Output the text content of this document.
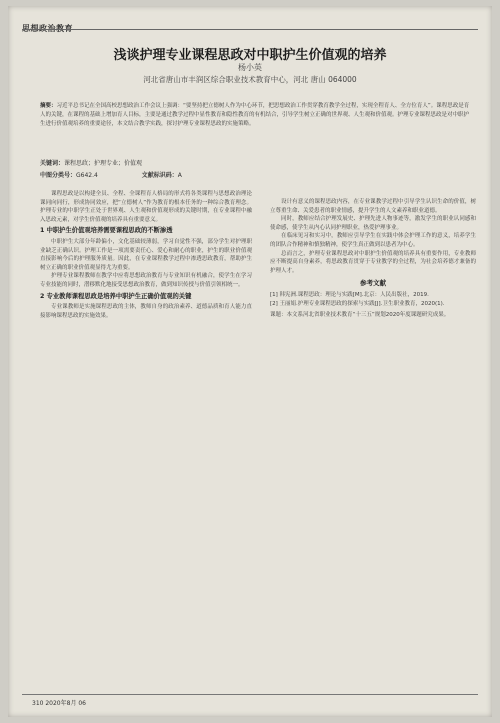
浅谈护理专业课程思政对中职护生价值观的培养
杨小英
河北省唐山市丰润区综合职业技术教育中心，河北 唐山 064000
摘要：习近平总书记在全国高校思想政治工作会议上强调：“要坚持把立德树人作为中心环节，把思想政治工作贯穿教育教学全过程，实现全程育人、全方位育人”。课程思政是育人的关键，在课程的基础上增加育人目标，主要是通过教学过程中显性教育和隐性教育的有机结合，引导学生树立正确的世界观、人生观和价值观。护理专业课程思政是对中职护生进行价值观培养的重要途径，本文结合教学实践，探讨护理专业课程思政的实施策略。
关键词：课程思政；护理专业；价值观
中图分类号：G642.4	文献标识码：A

课程思政是以构建全员、全程、全课程育人格局的形式将各类课程与思想政治理论课同向同行，形成协同效应，把“立德树人”作为教育的根本任务的一种综合教育理念。护理专业的中职学生正处于世界观、人生观和价值观形成的关键时期，在专业课程中融入思政元素，对学生价值观的培养具有重要意义。

1 中职护生价值观培养需要课程思政的不断渗透

中职护生大部分年龄偏小，文化基础较薄弱，学习自觉性不强，部分学生对护理职业缺乏正确认识。护理工作是一项需要责任心、爱心和耐心的职业，护生的职业价值观直接影响今后的护理服务质量。因此，在专业课程教学过程中渗透思政教育，帮助护生树立正确的职业价值观显得尤为重要。

护理专业课程教师在教学中应将思想政治教育与专业知识有机融合，使学生在学习专业技能的同时，潜移默化地接受思想政治教育，做到知识传授与价值引领相统一。

2 专业教师课程思政是培养中职护生正确价值观的关键

专业课教师是实施课程思政的主体，教师自身的政治素养、道德品质和育人能力直接影响课程思政的实施效果。

设计有意义的课程思政内容，在专业课教学过程中引导学生认识生命的价值，树立尊重生命、关爱患者的职业情感，提升学生的人文素养和职业道德。

同时，教师应结合护理发展史、护理先进人物事迹等，激发学生的职业认同感和使命感，使学生从内心认同护理职业，热爱护理事业。

在临床见习和实习中，教师应引导学生在实践中体会护理工作的意义，培养学生的团队合作精神和慎独精神，使学生真正做到以患者为中心。

总而言之，护理专业课程思政对中职护生价值观的培养具有重要作用，专业教师应不断提高自身素养，将思政教育贯穿于专业教学的全过程，为社会培养德才兼备的护理人才。

参考文献

[1] 韩宪洲.课程思政：理论与实践[M].北京：人民出版社，2019.

[2] 王丽娟.护理专业课程思政的探索与实践[J].卫生职业教育，2020(1).

课题：本文系河北省职业技术教育“十三五”规划2020年度课题研究成果。

310 2020年8月 06
